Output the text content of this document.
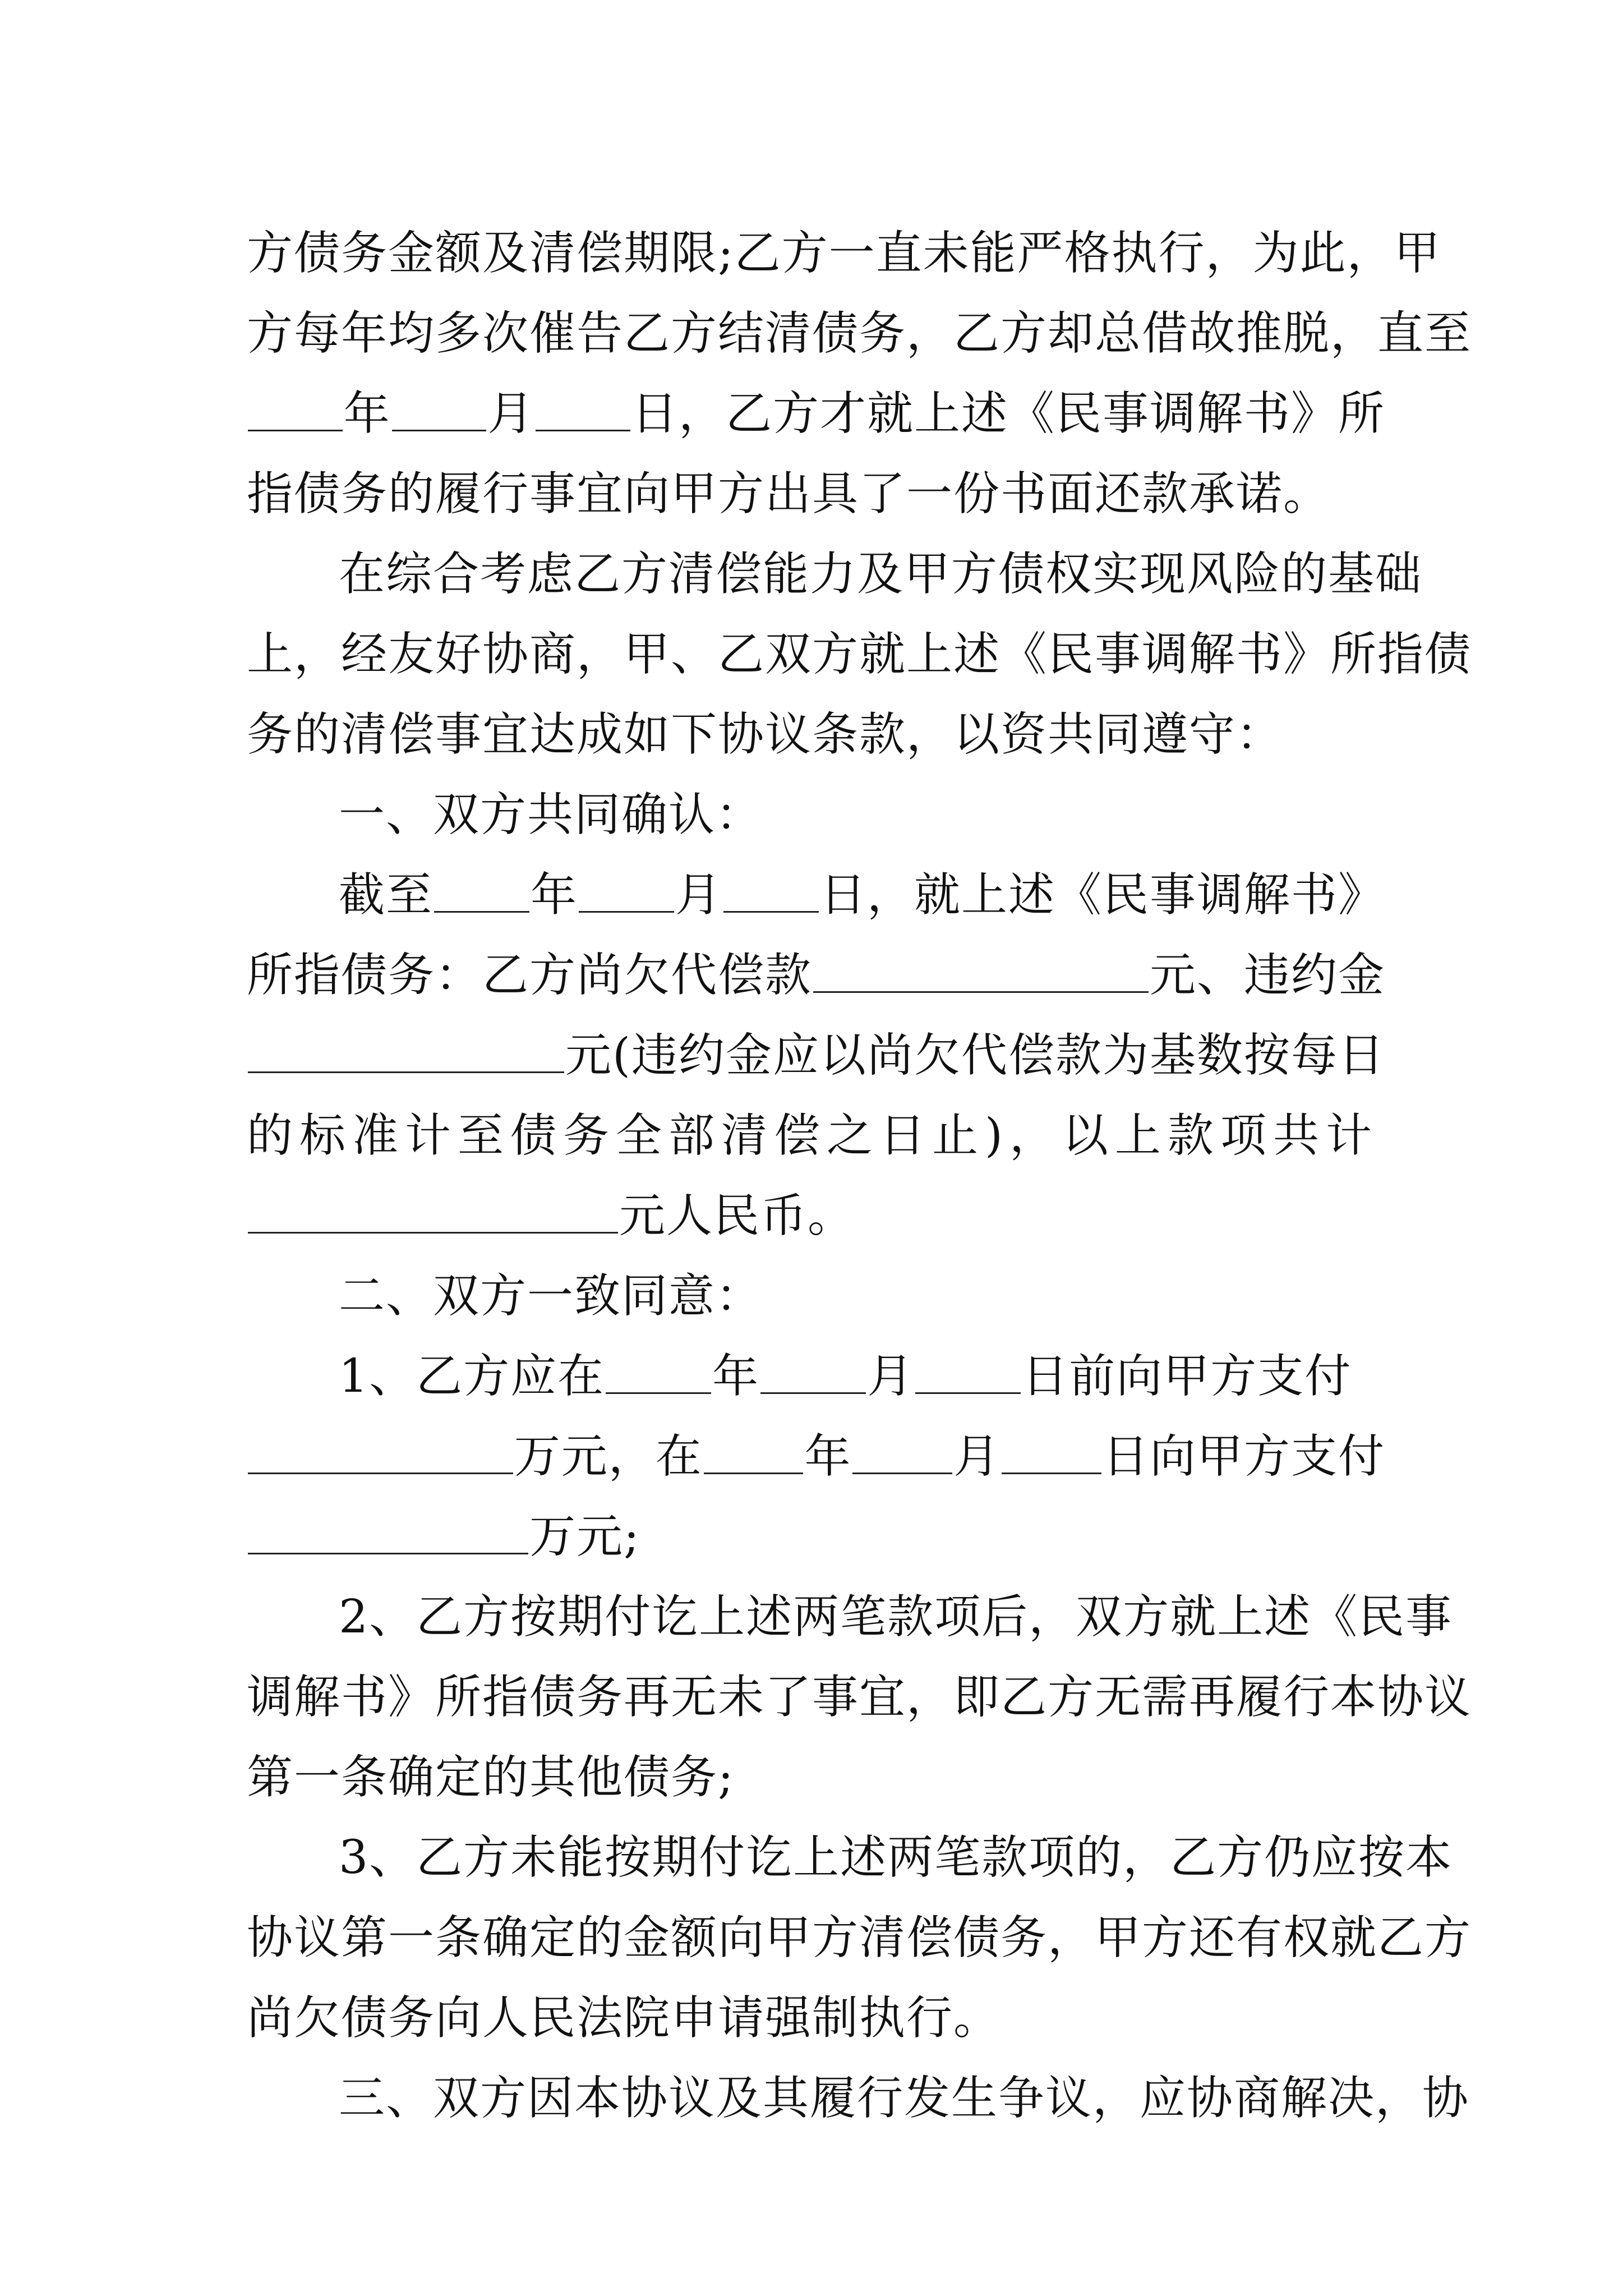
方债务金额及清偿期限;乙方一直未能严格执行，为此，甲
方每年均多次催告乙方结清债务，乙方却总借故推脱，直至
年 月 日，乙方才就上述《民事调解书》所
指债务的履行事宜向甲方出具了一份书面还款承诺。
在综合考虑乙方清偿能力及甲方债权实现风险的基础
上，经友好协商，甲、乙双方就上述《民事调解书》所指债
务的清偿事宜达成如下协议条款，以资共同遵守：
一、双方共同确认：
截至 年 月 日，就上述《民事调解书》
所指债务：乙方尚欠代偿款	元、违约金
元(违约金应以尚欠代偿款为基数按每日
的标准计至债务全部清偿之日止)，以上款项共计
元人民币。
二、双方一致同意：
1、乙方应在 年 月 日前向甲方支付
万元，在 年 月 日向甲方支付
万元;
2、乙方按期付讫上述两笔款项后，双方就上述《民事
调解书》所指债务再无未了事宜，即乙方无需再履行本协议
第一条确定的其他债务;
3、乙方未能按期付讫上述两笔款项的，乙方仍应按本
协议第一条确定的金额向甲方清偿债务，甲方还有权就乙方
尚欠债务向人民法院申请强制执行。
三、双方因本协议及其履行发生争议，应协商解决，协
